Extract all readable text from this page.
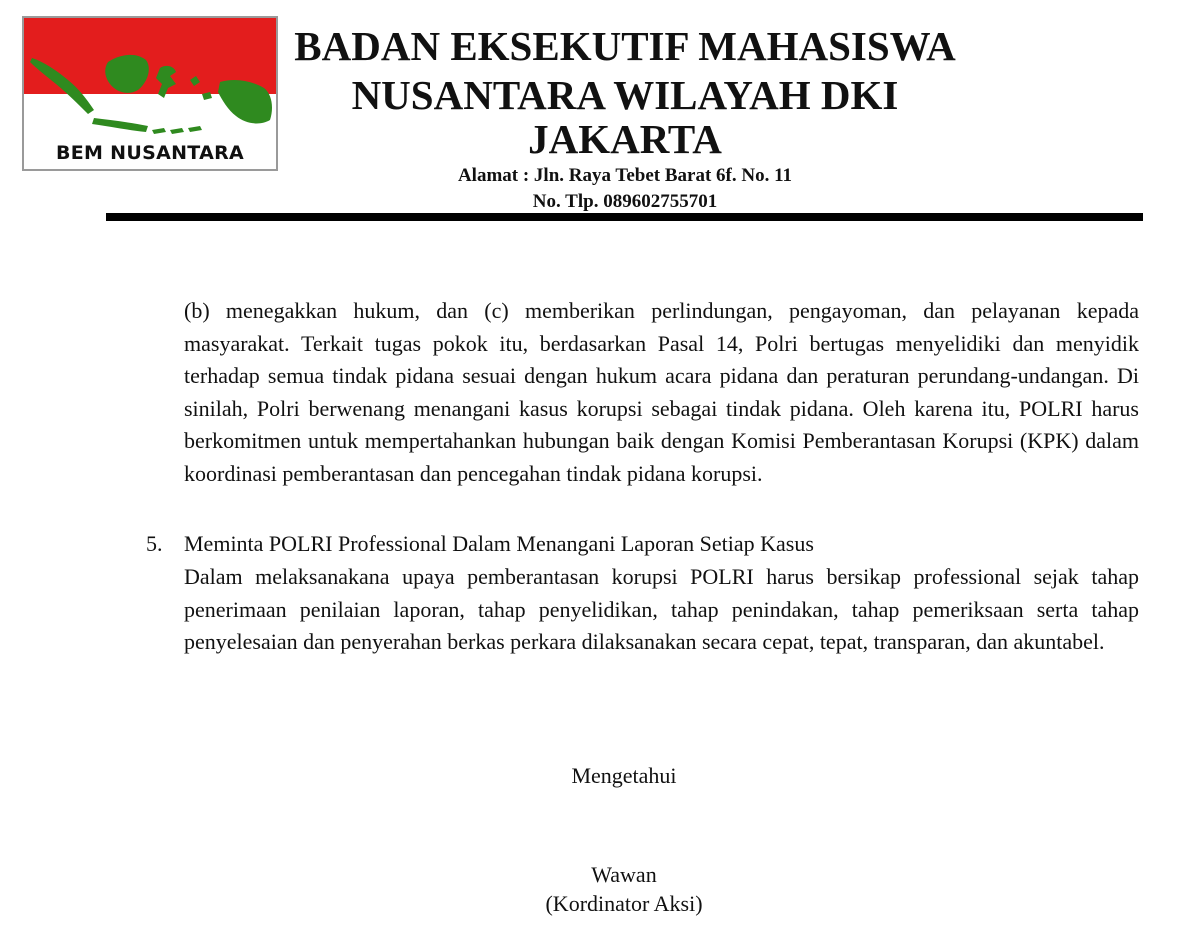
BEM NUSANTARA
BADAN EKSEKUTIF MAHASISWA
NUSANTARA WILAYAH DKI
JAKARTA
Alamat : Jln. Raya Tebet Barat 6f. No. 11
No. Tlp. 089602755701

(b) menegakkan hukum, dan (c) memberikan perlindungan, pengayoman, dan pelayanan kepada masyarakat. Terkait tugas pokok itu, berdasarkan Pasal 14, Polri bertugas menyelidiki dan menyidik terhadap semua tindak pidana sesuai dengan hukum acara pidana dan peraturan perundang-undangan. Di sinilah, Polri berwenang menangani kasus korupsi sebagai tindak pidana. Oleh karena itu, POLRI harus berkomitmen untuk mempertahankan hubungan baik dengan Komisi Pemberantasan Korupsi (KPK) dalam koordinasi pemberantasan dan pencegahan tindak pidana korupsi.

5. Meminta POLRI Professional Dalam Menangani Laporan Setiap Kasus

Dalam melaksanakana upaya pemberantasan korupsi POLRI harus bersikap professional sejak tahap penerimaan penilaian laporan, tahap penyelidikan, tahap penindakan, tahap pemeriksaan serta tahap penyelesaian dan penyerahan berkas perkara dilaksanakan secara cepat, tepat, transparan, dan akuntabel.

Mengetahui
Wawan
(Kordinator Aksi)
